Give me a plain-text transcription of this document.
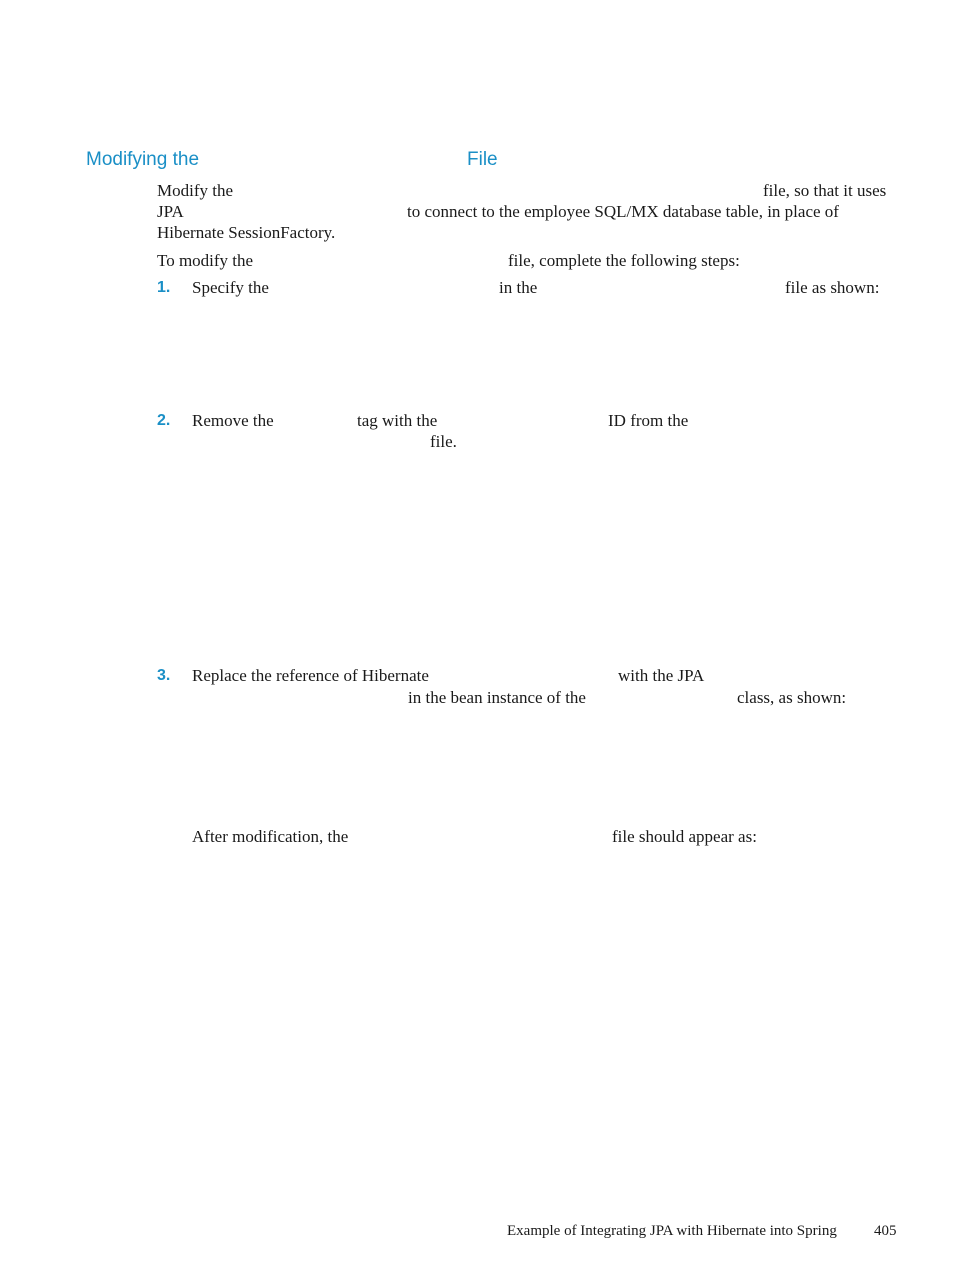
Modifying the	File
Modify the	file, so that it uses
JPA	to connect to the employee SQL/MX database table, in place of
Hibernate SessionFactory.
To modify the	file, complete the following steps:
1. Specify the	in the	file as shown:
2. Remove the	tag with the	ID from the
file.
3. Replace the reference of Hibernate	with the JPA
in the bean instance of the	class, as shown:
After modification, the	file should appear as:
Example of Integrating JPA with Hibernate into Spring 405
